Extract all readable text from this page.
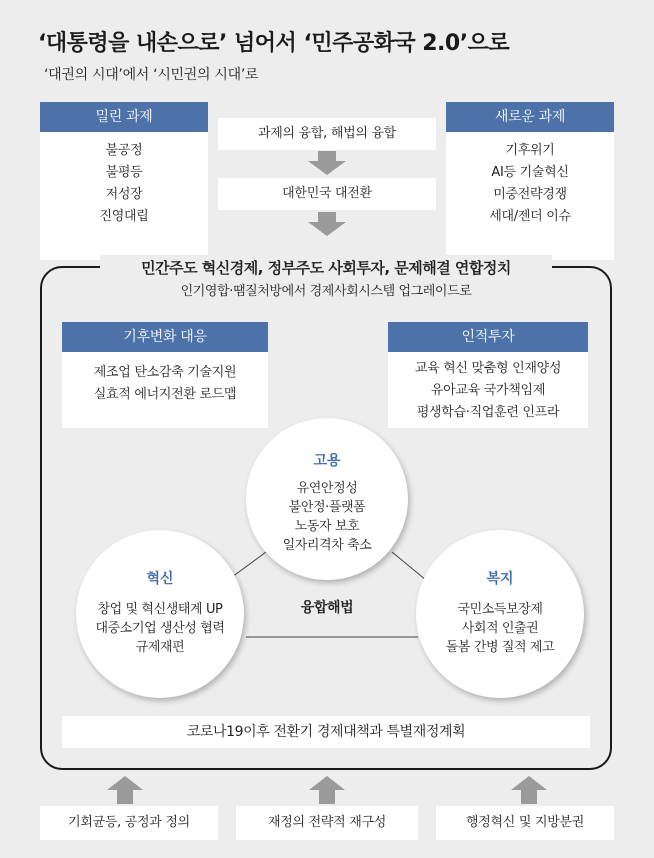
‘대통령을 내손으로’ 넘어서 ‘민주공화국 2.0’으로
‘대권의 시대’에서 ‘시민권의 시대’로
밀린 과제
불공정
불평등
저성장
진영대립
새로운 과제
기후위기
AI등 기술혁신
미중전략경쟁
세대/젠더 이슈
과제의 융합, 해법의 융합
대한민국 대전환
민간주도 혁신경제, 정부주도 사회투자, 문제해결 연합정치
인기영합·땜질처방에서 경제사회시스템 업그레이드로
기후변화 대응
제조업 탄소감축 기술지원
실효적 에너지전환 로드맵
인적투자
교육 혁신 맞춤형 인재양성
유아교육 국가책임제
평생학습·직업훈련 인프라
고용
유연안정성
불안정·플랫폼
노동자 보호
일자리격차 축소
혁신
창업 및 혁신생태계 UP
대중소기업 생산성 협력
규제재편
복지
국민소득보장제
사회적 인출권
돌봄 간병 질적 제고
융합해법
코로나19이후 전환기 경제대책과 특별재정계획
기회균등, 공정과 정의	재정의 전략적 재구성	행정혁신 및 지방분권
